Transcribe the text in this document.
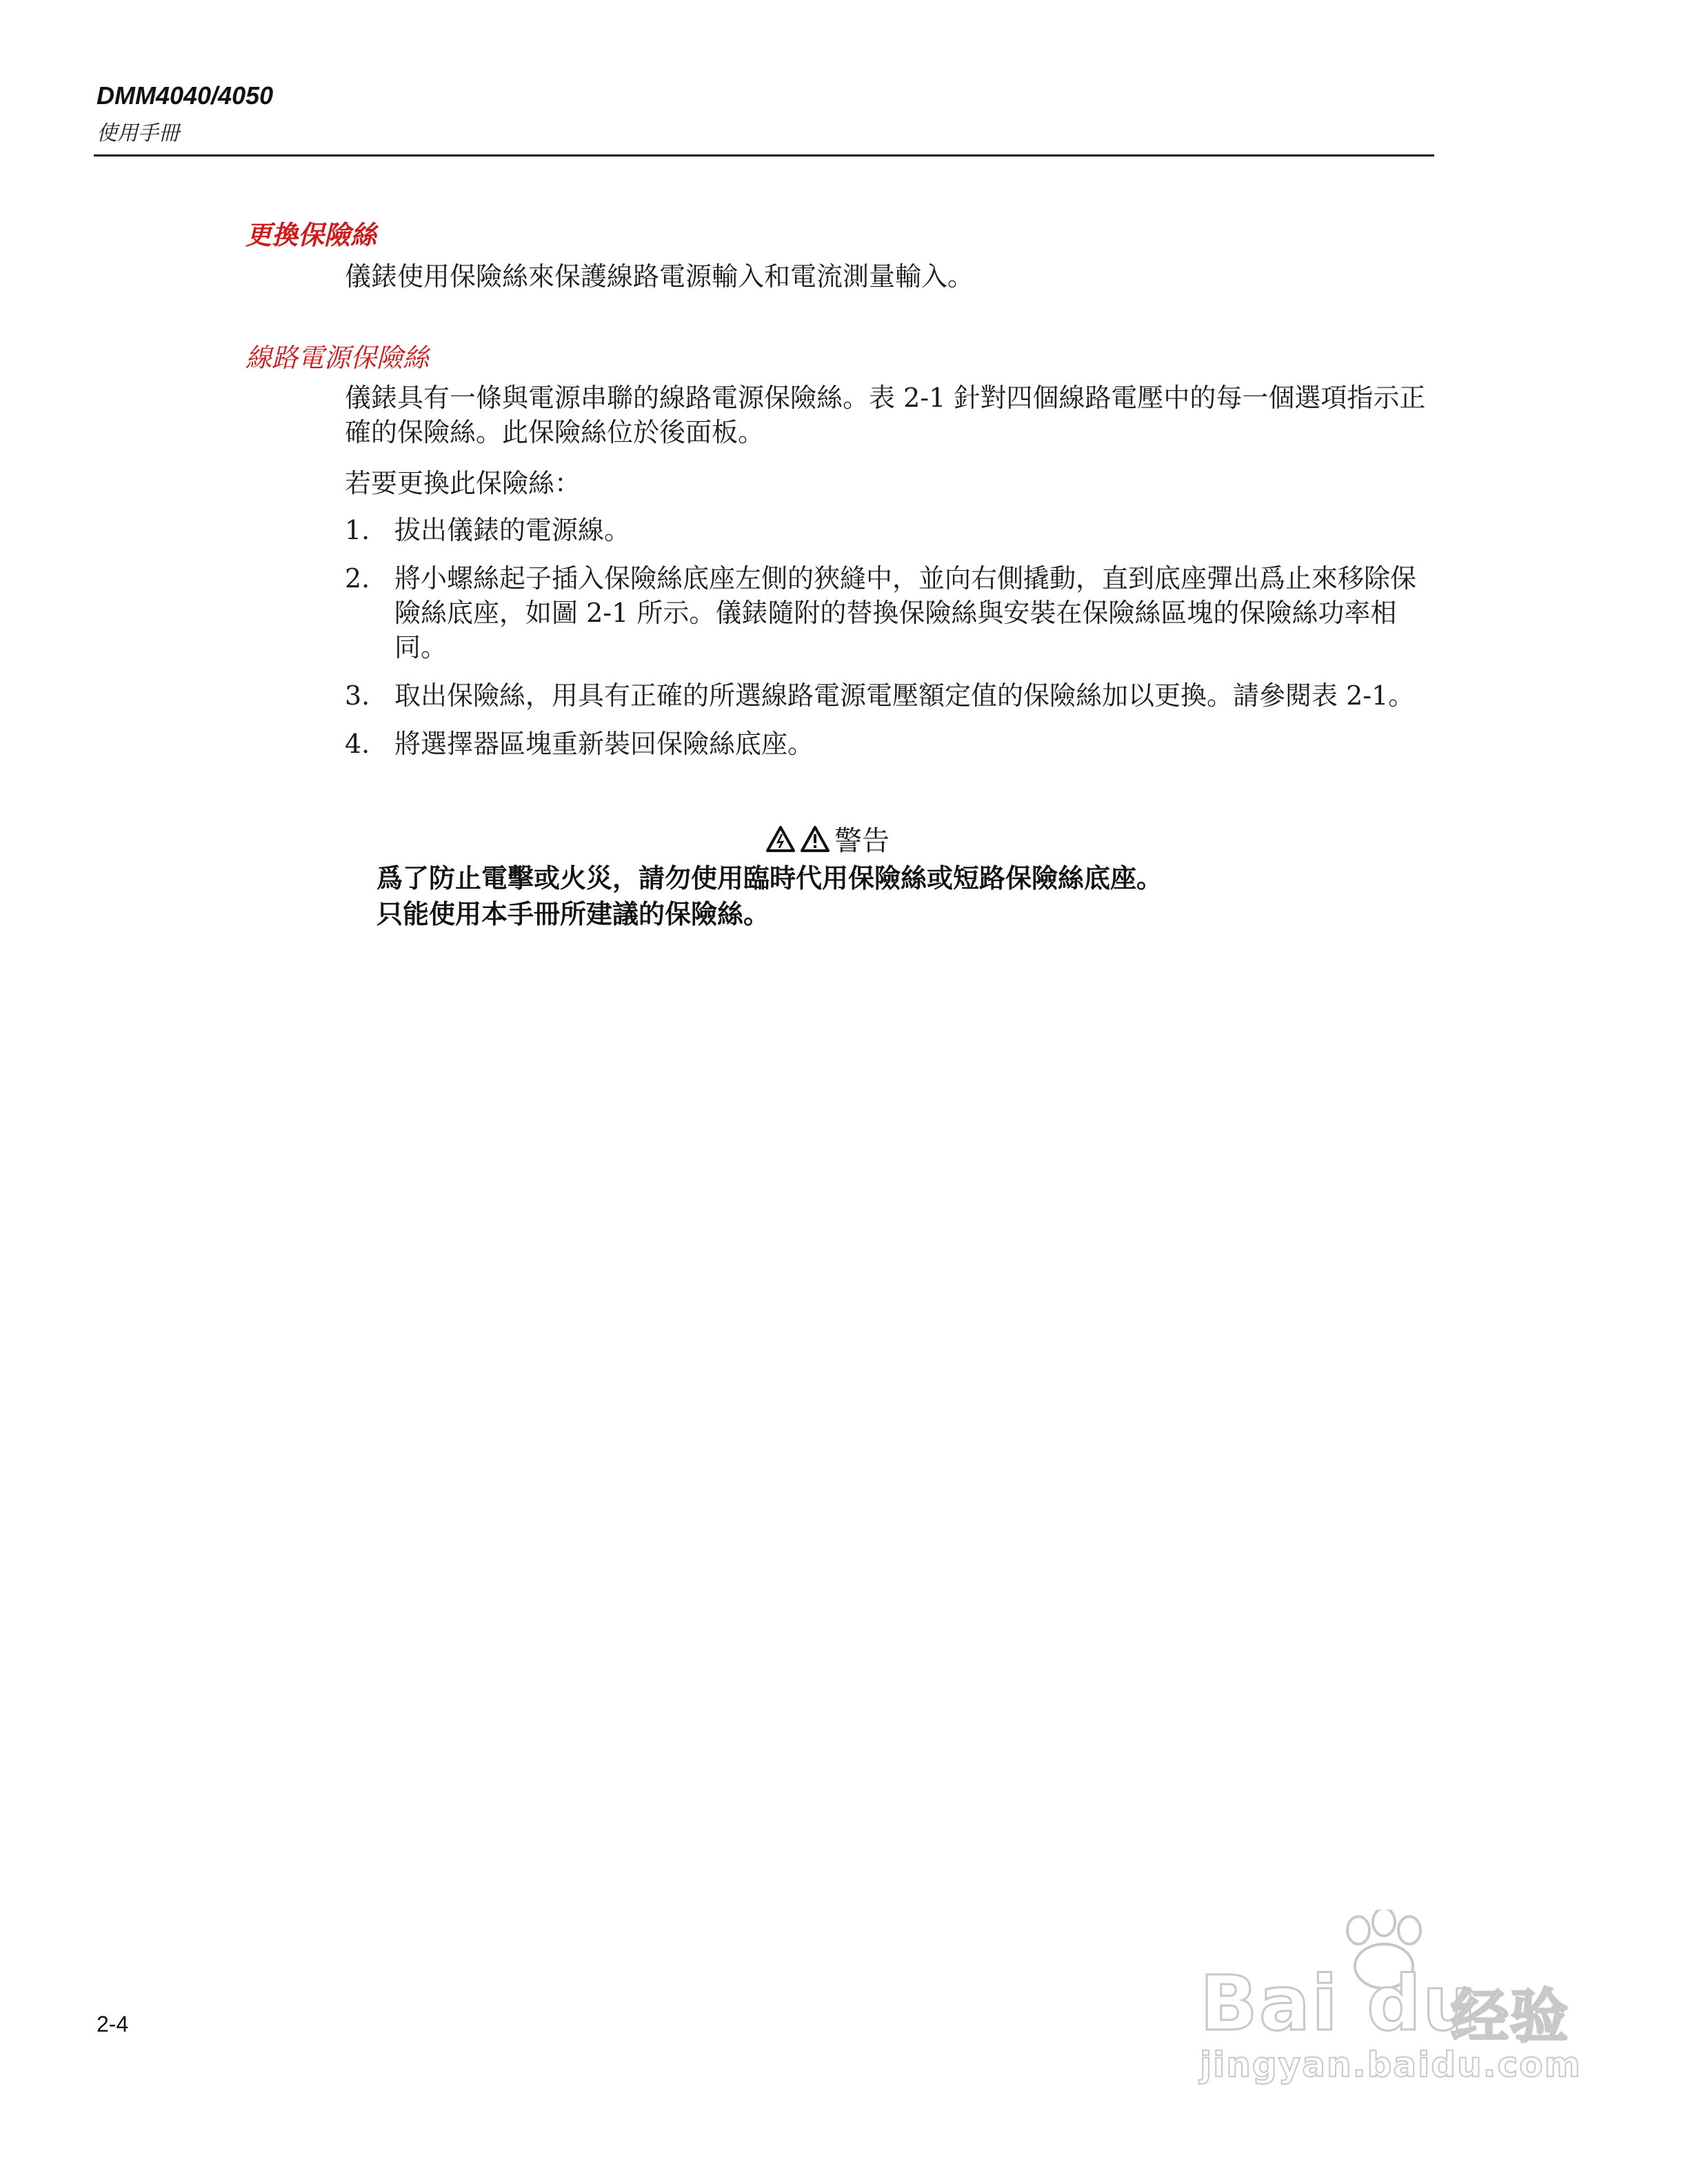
DMM4040/4050
使用手冊
更換保險絲
儀錶使用保險絲來保護線路電源輸入和電流測量輸入。
線路電源保險絲
儀錶具有一條與電源串聯的線路電源保險絲。表 2-1 針對四個線路電壓中的每一個選項指示正確的保險絲。此保險絲位於後面板。
若要更換此保險絲：
1. 拔出儀錶的電源線。
2. 將小螺絲起子插入保險絲底座左側的狹縫中，並向右側撬動，直到底座彈出爲止來移除保險絲底座，如圖 2-1 所示。儀錶隨附的替換保險絲與安裝在保險絲區塊的保險絲功率相同。
3. 取出保險絲，用具有正確的所選線路電源電壓額定值的保險絲加以更換。請參閱表 2-1。
4. 將選擇器區塊重新裝回保險絲底座。
警告
爲了防止電擊或火災，請勿使用臨時代用保險絲或短路保險絲底座。
只能使用本手冊所建議的保險絲。
2-4	Bai du
经验
jingyan.baidu.com
